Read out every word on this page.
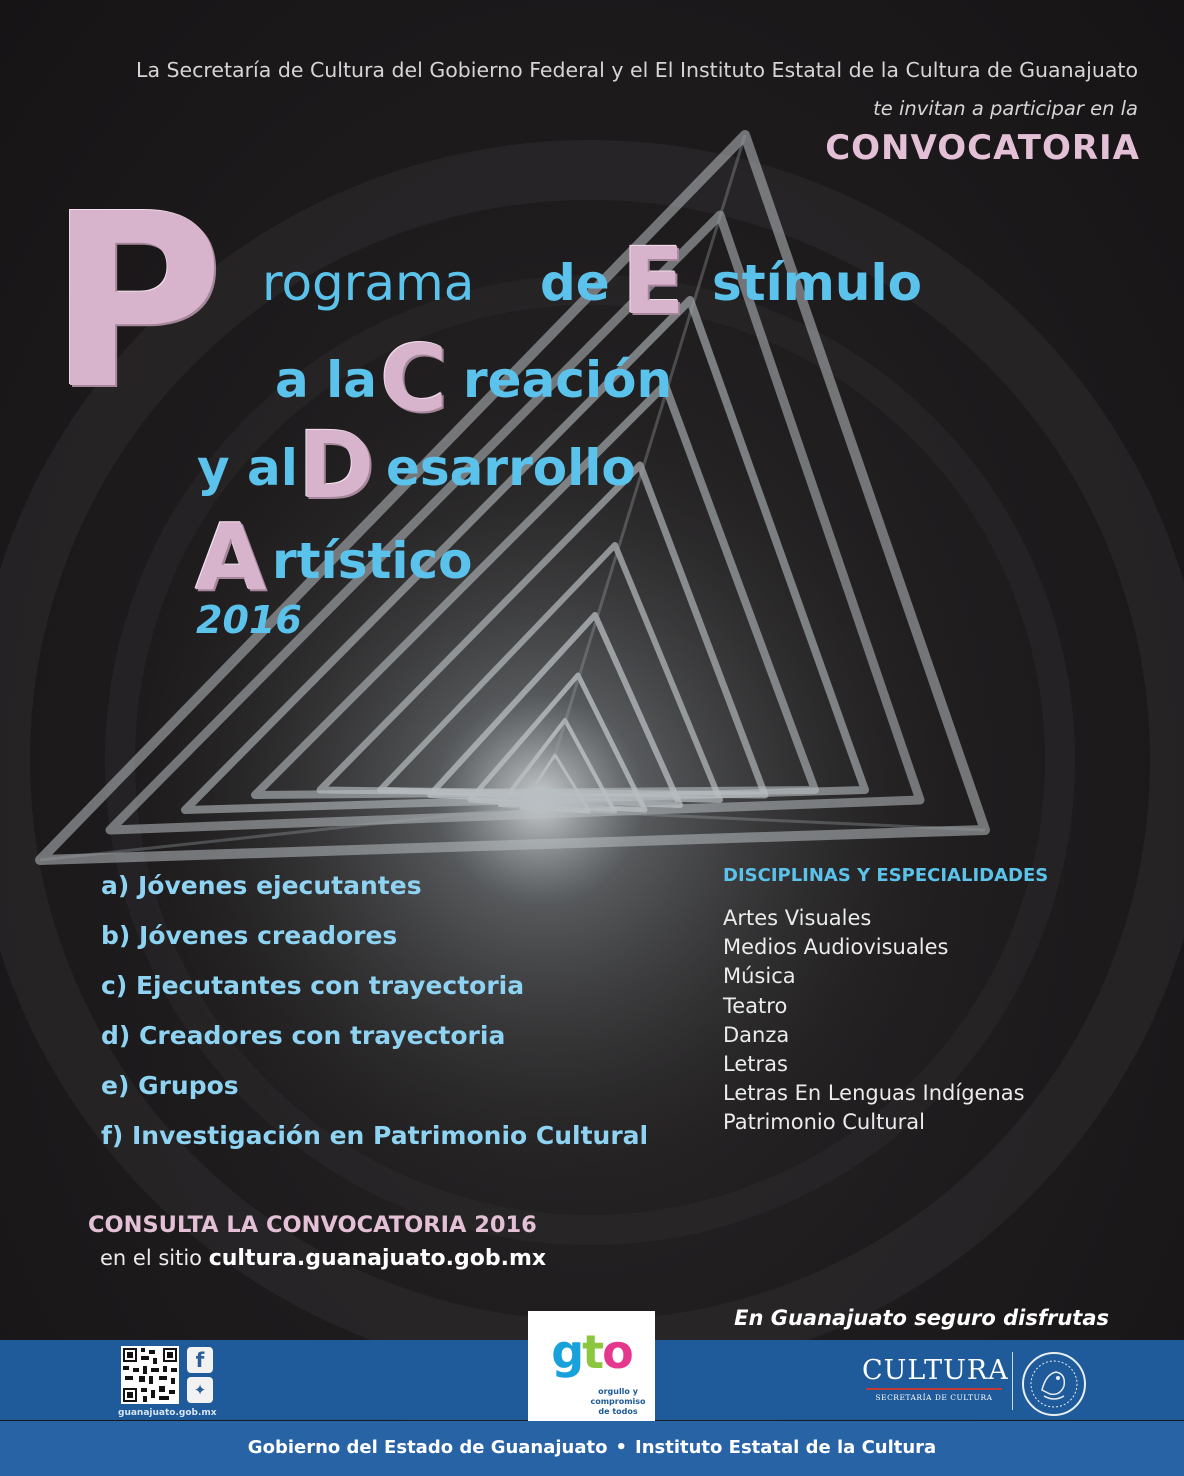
La Secretaría de Cultura del Gobierno Federal y el El Instituto Estatal de la Cultura de Guanajuato
te invitan a participar en la
CONVOCATORIA
P rograma de E stímulo
a la C reación
y al D esarrollo
A rtístico
2016
a) Jóvenes ejecutantes
b) Jóvenes creadores
c) Ejecutantes con trayectoria
d) Creadores con trayectoria
e) Grupos
f) Investigación en Patrimonio Cultural
DISCIPLINAS Y ESPECIALIDADES
Artes Visuales
Medios Audiovisuales
Música
Teatro
Danza
Letras
Letras En Lenguas Indígenas
Patrimonio Cultural
CONSULTA LA CONVOCATORIA 2016
en el sitio cultura.guanajuato.gob.mx
En Guanajuato seguro disfrutas
f
✦
guanajuato.gob.mx
gto
orgullo y compromiso de todos
CULTURA
SECRETARÍA DE CULTURA
Gobierno del Estado de Guanajuato • Instituto Estatal de la Cultura
